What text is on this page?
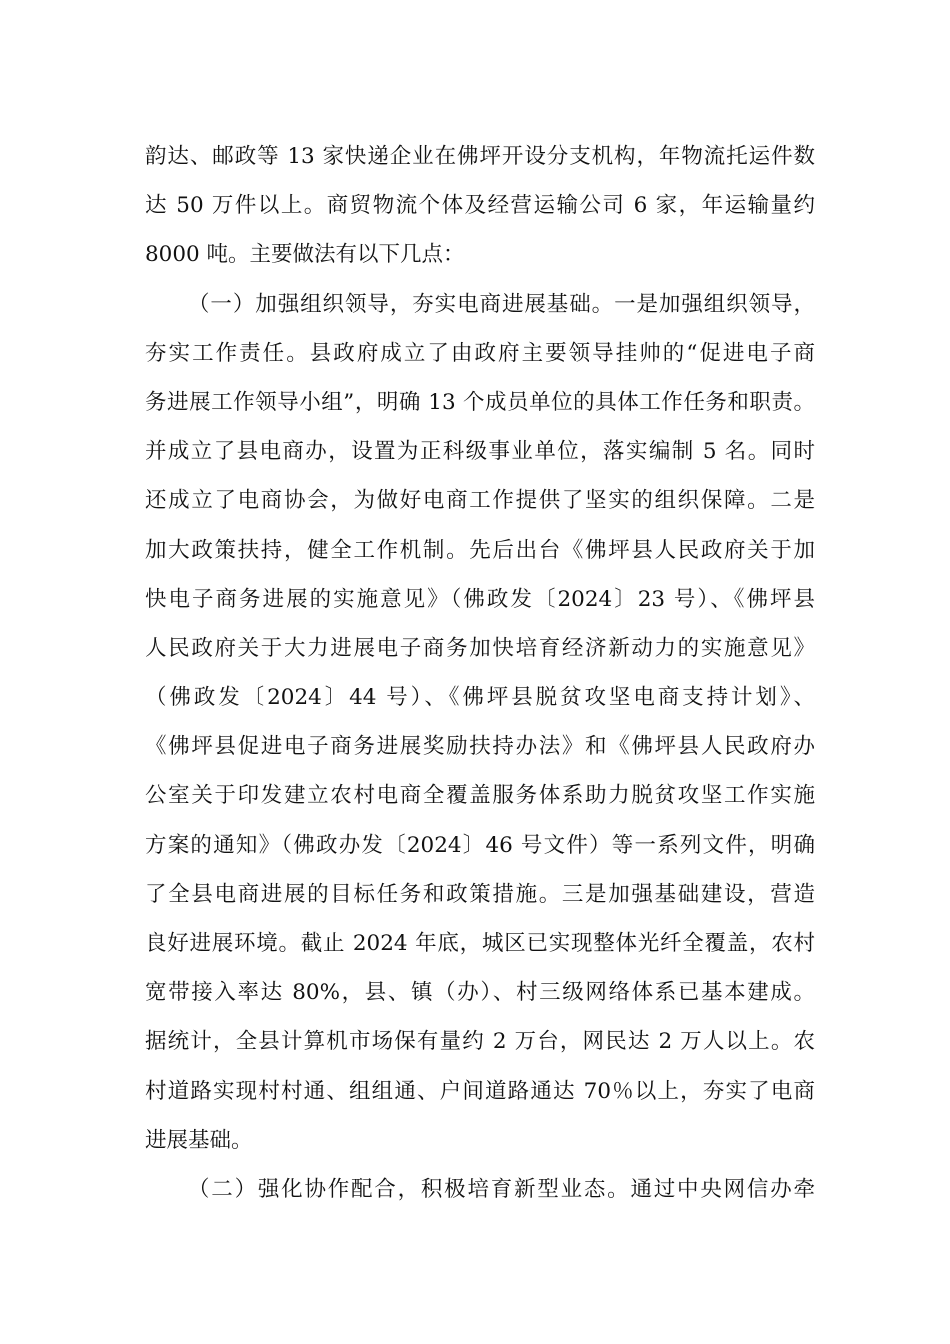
韵达、邮政等 13 家快递企业在佛坪开设分支机构，年物流托运件数
达 50 万件以上。商贸物流个体及经营运输公司 6 家，年运输量约
8000 吨。主要做法有以下几点：
（一）加强组织领导，夯实电商进展基础。一是加强组织领导，
夯实工作责任。县政府成立了由政府主要领导挂帅的“促进电子商
务进展工作领导小组”，明确 13 个成员单位的具体工作任务和职责。
并成立了县电商办，设置为正科级事业单位，落实编制 5 名。同时
还成立了电商协会，为做好电商工作提供了坚实的组织保障。二是
加大政策扶持，健全工作机制。先后出台《佛坪县人民政府关于加
快电子商务进展的实施意见》（佛政发〔2024〕23 号）、《佛坪县
人民政府关于大力进展电子商务加快培育经济新动力的实施意见》
（佛政发〔2024〕44 号）、《佛坪县脱贫攻坚电商支持计划》、
《佛坪县促进电子商务进展奖励扶持办法》和《佛坪县人民政府办
公室关于印发建立农村电商全覆盖服务体系助力脱贫攻坚工作实施
方案的通知》（佛政办发〔2024〕46 号文件）等一系列文件，明确
了全县电商进展的目标任务和政策措施。三是加强基础建设，营造
良好进展环境。截止 2024 年底，城区已实现整体光纤全覆盖，农村
宽带接入率达 80%，县、镇（办）、村三级网络体系已基本建成。
据统计，全县计算机市场保有量约 2 万台，网民达 2 万人以上。农
村道路实现村村通、组组通、户间道路通达 70％以上，夯实了电商
进展基础。
（二）强化协作配合，积极培育新型业态。通过中央网信办牵
